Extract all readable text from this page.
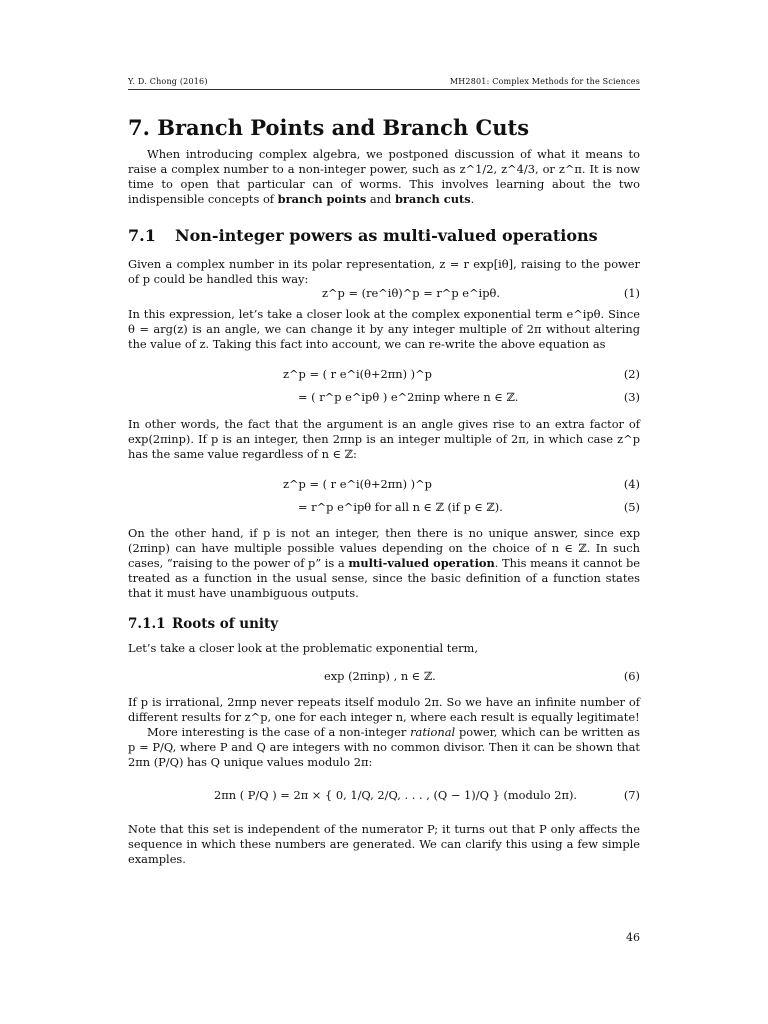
Y. D. Chong (2016)	MH2801: Complex Methods for the Sciences
7. Branch Points and Branch Cuts
When introducing complex algebra, we postponed discussion of what it means to raise a complex number to a non-integer power, such as z^1/2, z^4/3, or z^π. It is now time to open that particular can of worms. This involves learning about the two indispensible concepts of branch points and branch cuts.
7.1 Non-integer powers as multi-valued operations
Given a complex number in its polar representation, z = r exp[iθ], raising to the power of p could be handled this way:
z^p = (re^iθ)^p = r^p e^ipθ.	(1)
In this expression, let’s take a closer look at the complex exponential term e^ipθ. Since θ = arg(z) is an angle, we can change it by any integer multiple of 2π without altering the value of z. Taking this fact into account, we can re-write the above equation as
z^p = ( r e^i(θ+2πn) )^p	(2)
= ( r^p e^ipθ ) e^2πinp where n ∈ ℤ.	(3)
In other words, the fact that the argument is an angle gives rise to an extra factor of exp(2πinp). If p is an integer, then 2πnp is an integer multiple of 2π, in which case z^p has the same value regardless of n ∈ ℤ:
z^p = ( r e^i(θ+2πn) )^p	(4)
= r^p e^ipθ for all n ∈ ℤ (if p ∈ ℤ).	(5)
On the other hand, if p is not an integer, then there is no unique answer, since exp (2πinp) can have multiple possible values depending on the choice of n ∈ ℤ. In such cases, “raising to the power of p” is a multi-valued operation. This means it cannot be treated as a function in the usual sense, since the basic definition of a function states that it must have unambiguous outputs.
7.1.1 Roots of unity
Let’s take a closer look at the problematic exponential term,
exp (2πinp) , n ∈ ℤ.	(6)
If p is irrational, 2πnp never repeats itself modulo 2π. So we have an infinite number of different results for z^p, one for each integer n, where each result is equally legitimate!
More interesting is the case of a non-integer rational power, which can be written as p = P/Q, where P and Q are integers with no common divisor. Then it can be shown that 2πn (P/Q) has Q unique values modulo 2π:
2πn ( P/Q ) = 2π × { 0, 1/Q, 2/Q, . . . , (Q − 1)/Q } (modulo 2π).	(7)
Note that this set is independent of the numerator P; it turns out that P only affects the sequence in which these numbers are generated. We can clarify this using a few simple examples.
46
